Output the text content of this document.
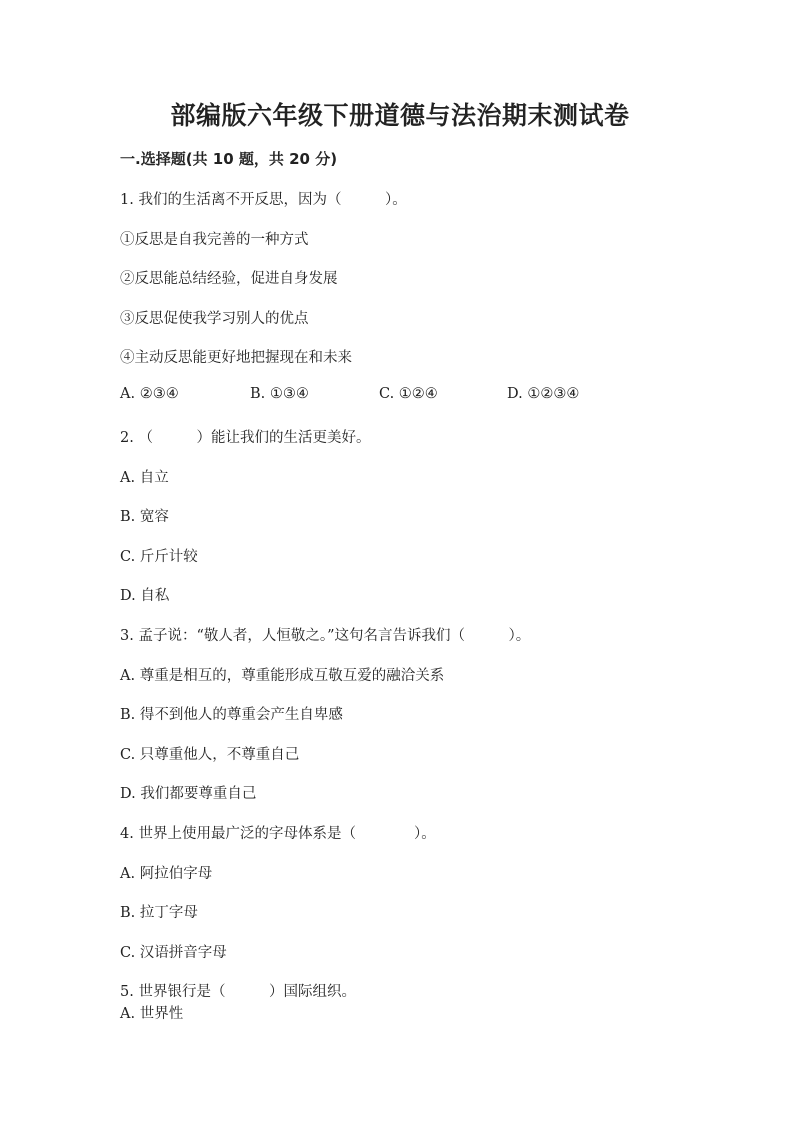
部编版六年级下册道德与法治期末测试卷
一.选择题(共 10 题，共 20 分)
1. 我们的生活离不开反思，因为（　　　）。
①反思是自我完善的一种方式
②反思能总结经验，促进自身发展
③反思促使我学习别人的优点
④主动反思能更好地把握现在和未来
A. ②③④	B. ①③④	C. ①②④	D. ①②③④
2. （　　　）能让我们的生活更美好。
A. 自立
B. 宽容
C. 斤斤计较
D. 自私
3. 孟子说：“敬人者，人恒敬之。”这句名言告诉我们（　　　）。
A. 尊重是相互的，尊重能形成互敬互爱的融洽关系
B. 得不到他人的尊重会产生自卑感
C. 只尊重他人，不尊重自己
D. 我们都要尊重自己
4. 世界上使用最广泛的字母体系是（　　　　）。
A. 阿拉伯字母
B. 拉丁字母
C. 汉语拼音字母
5. 世界银行是（　　　）国际组织。
A. 世界性
